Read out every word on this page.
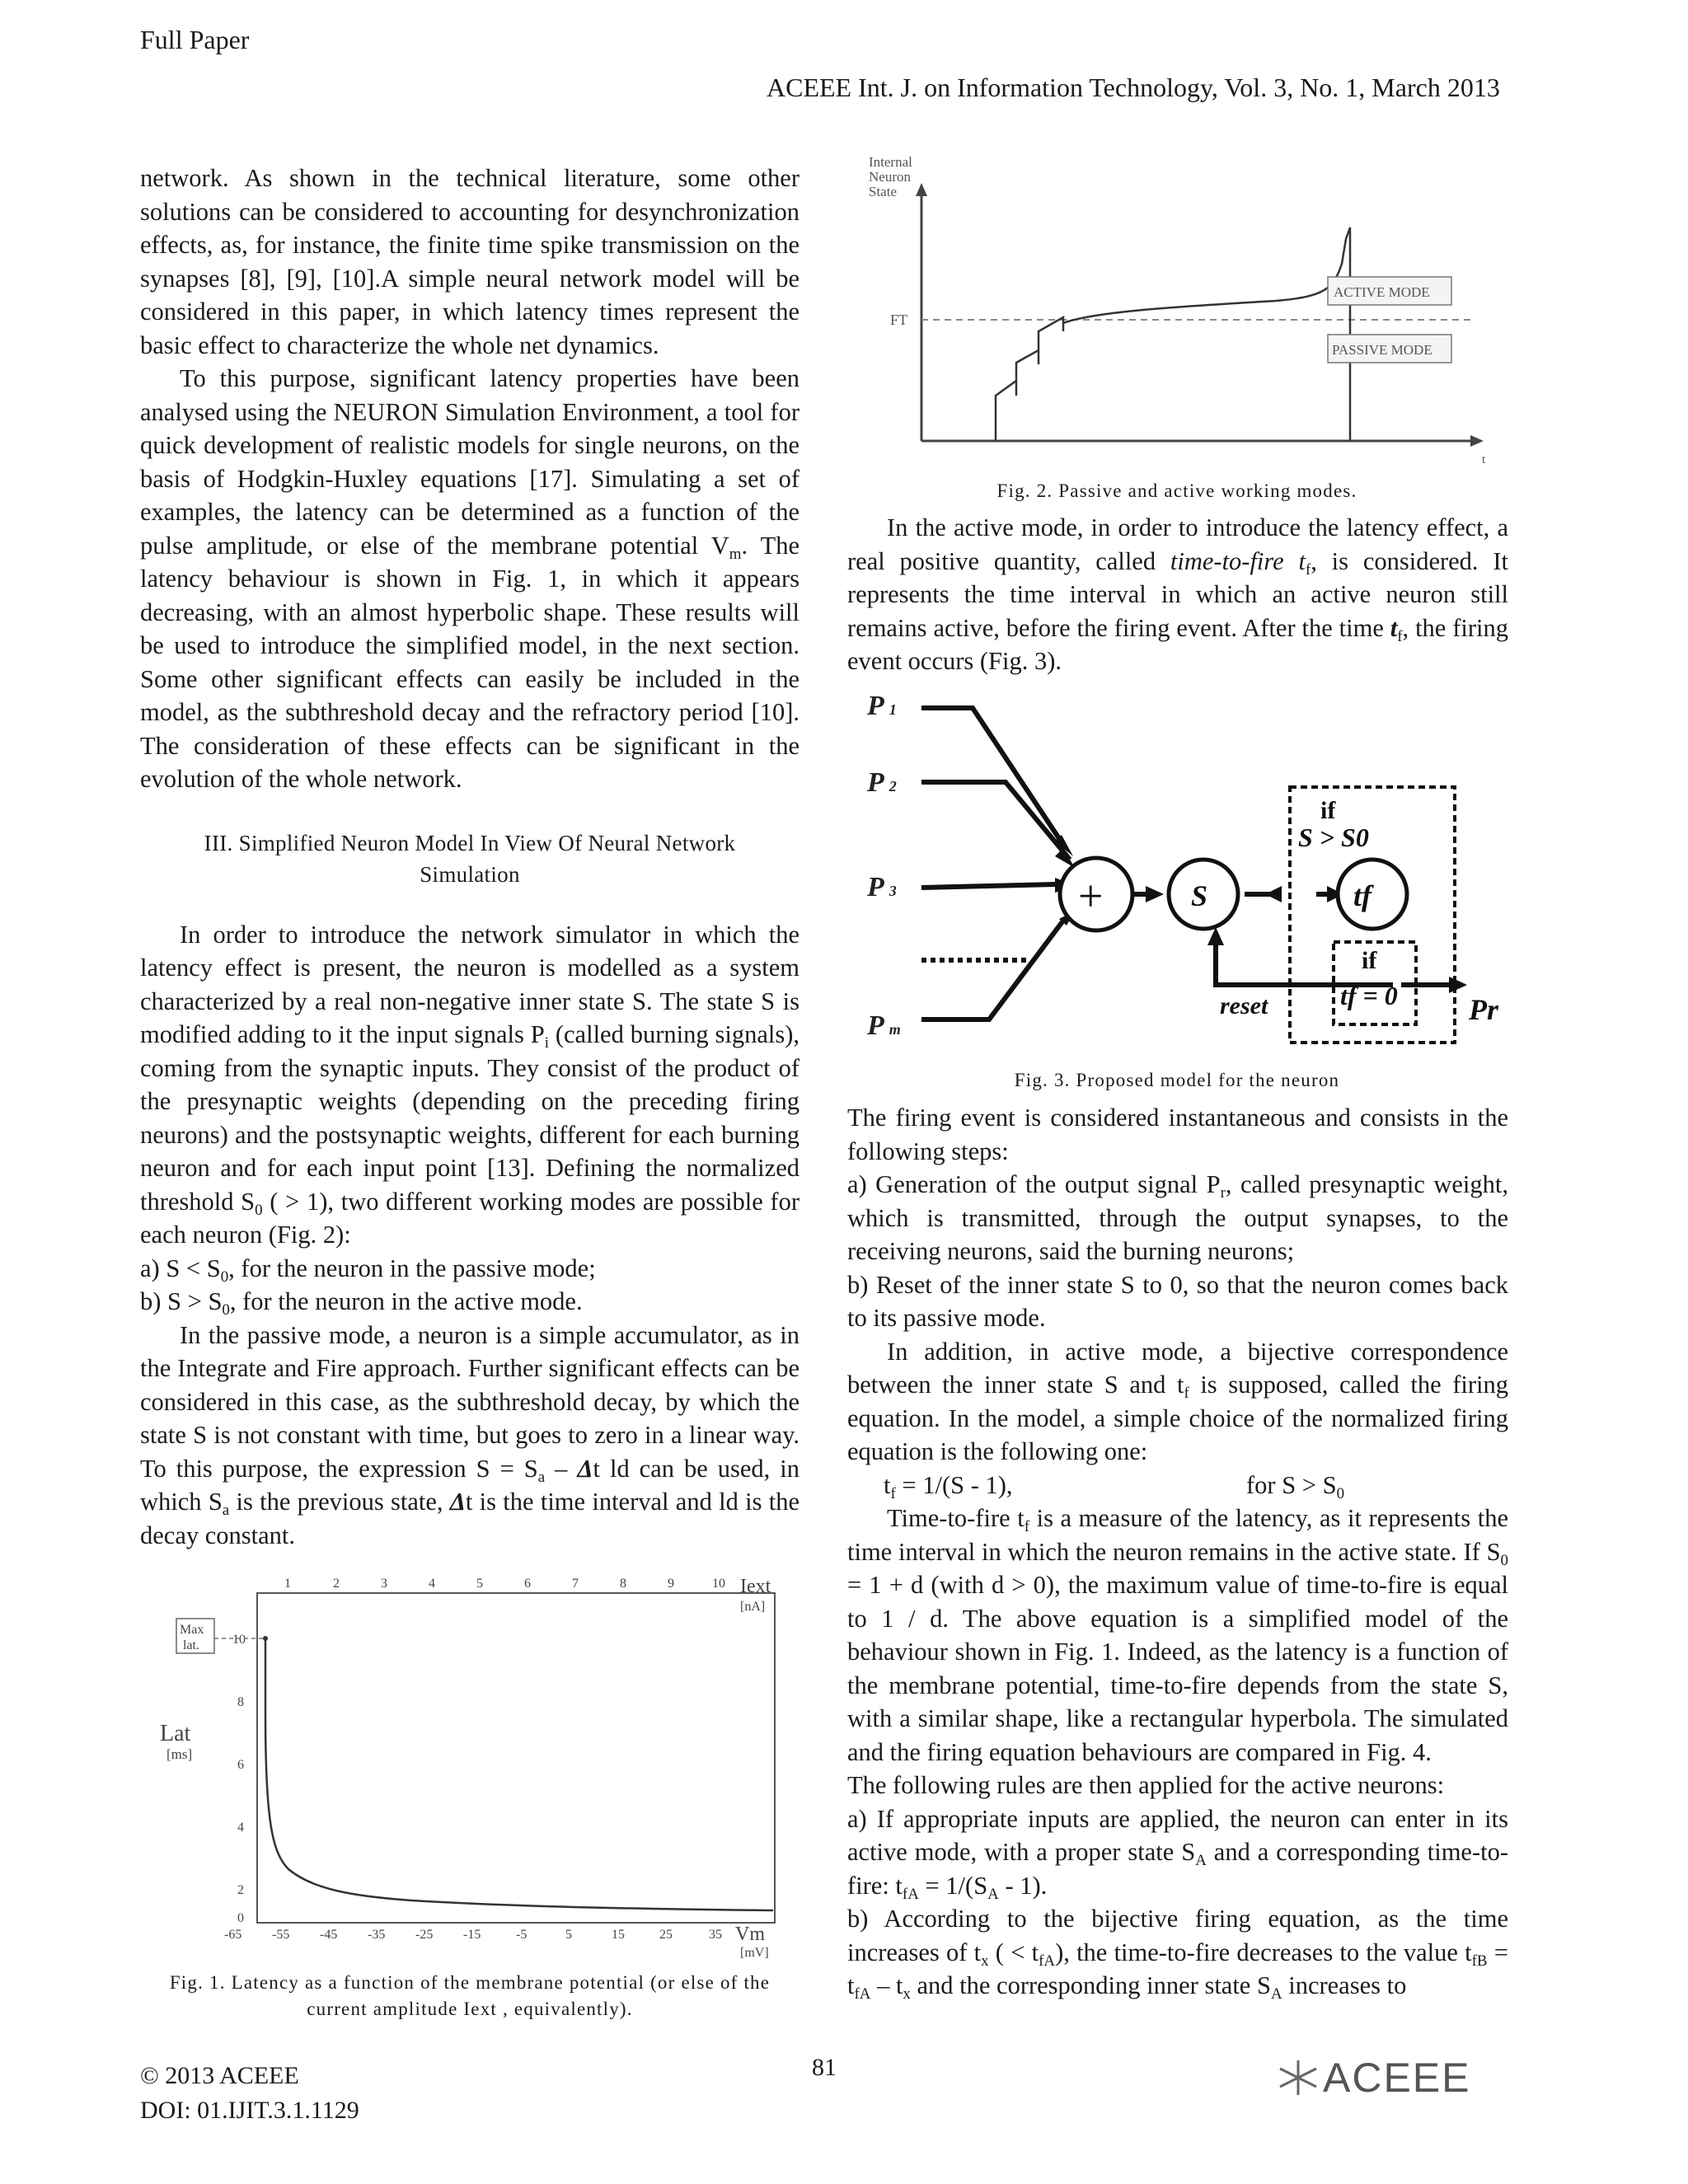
Full Paper
ACEEE Int. J. on Information Technology, Vol. 3, No. 1, March 2013

network. As shown in the technical literature, some other solutions can be considered to accounting for desynchronization effects, as, for instance, the finite time spike transmission on the synapses [8], [9], [10].A simple neural network model will be considered in this paper, in which latency times represent the basic effect to characterize the whole net dynamics.

To this purpose, significant latency properties have been analysed using the NEURON Simulation Environment, a tool for quick development of realistic models for single neurons, on the basis of Hodgkin-Huxley equations [17]. Simulating a set of examples, the latency can be determined as a function of the pulse amplitude, or else of the membrane potential $V_m$. The latency behaviour is shown in Fig. 1, in which it appears decreasing, with an almost hyperbolic shape. These results will be used to introduce the simplified model, in the next section. Some other significant effects can easily be included in the model, as the subthreshold decay and the refractory period [10]. The consideration of these effects can be significant in the evolution of the whole network.

III. Simplified Neuron Model In View Of Neural Network
Simulation

In order to introduce the network simulator in which the latency effect is present, the neuron is modelled as a system characterized by a real non-negative inner state S. The state S is modified adding to it the input signals $P_i$ (called burning signals), coming from the synaptic inputs. They consist of the product of the presynaptic weights (depending on the preceding firing neurons) and the postsynaptic weights, different for each burning neuron and for each input point [13]. Defining the normalized threshold $S_0$ ( > 1), two different working modes are possible for each neuron (Fig. 2):

a) $S < S_0$, for the neuron in the passive mode;

b) $S > S_0$, for the neuron in the active mode.

In the passive mode, a neuron is a simple accumulator, as in the Integrate and Fire approach. Further significant effects can be considered in this case, as the subthreshold decay, by which the state S is not constant with time, but goes to zero in a linear way. To this purpose, the expression $S = S_a - \Delta t$ ld can be used, in which $S_a$ is the previous state, Δt is the time interval and ld is the decay constant.

1	2	3	4	5	6	7	8	9	10 Iext
[nA]
10
8
6
4
2
0
Max
lat.
Lat
[ms]
-65 -55 -45 -35 -25 -15	-5	5	15	25	35 Vm
[mV]
Fig. 1. Latency as a function of the membrane potential (or else of the current amplitude Iext , equivalently).
Internal
Neuron
State
t
FT
ACTIVE MODE
PASSIVE MODE
Fig. 2. Passive and active working modes.

In the active mode, in order to introduce the latency effect, a real positive quantity, called time-to-fire $t_f$, is considered. It represents the time interval in which an active neuron still remains active, before the firing event. After the time $t_f$, the firing event occurs (Fig. 3).

P 1
P 2
P 3
Pm
+	S	tf
if
S > S0
if
tf = 0
reset	Pr
Fig. 3. Proposed model for the neuron

The firing event is considered instantaneous and consists in the following steps:

a) Generation of the output signal $P_r$, called presynaptic weight, which is transmitted, through the output synapses, to the receiving neurons, said the burning neurons;

b) Reset of the inner state S to 0, so that the neuron comes back to its passive mode.

In addition, in active mode, a bijective correspondence between the inner state S and $t_f$ is supposed, called the firing equation. In the model, a simple choice of the normalized firing equation is the following one:

$t_f = 1/(S - 1)$,	for $S > S_0$

Time-to-fire $t_f$ is a measure of the latency, as it represents the time interval in which the neuron remains in the active state. If $S_0 = 1 + d$ (with d > 0), the maximum value of time-to-fire is equal to 1 / d. The above equation is a simplified model of the behaviour shown in Fig. 1. Indeed, as the latency is a function of the membrane potential, time-to-fire depends from the state S, with a similar shape, like a rectangular hyperbola. The simulated and the firing equation behaviours are compared in Fig. 4.

The following rules are then applied for the active neurons:

a) If appropriate inputs are applied, the neuron can enter in its active mode, with a proper state $S_A$ and a corresponding time-to-fire: $t_{fA} = 1/(S_A - 1)$.

b) According to the bijective firing equation, as the time increases of $t_x$ ( < $t_{fA}$), the time-to-fire decreases to the value $t_{fB} = t_{fA} - t_x$ and the corresponding inner state $S_A$ increases to

© 2013 ACEEE
DOI: 01.IJIT.3.1.1129
81	ACEEE
